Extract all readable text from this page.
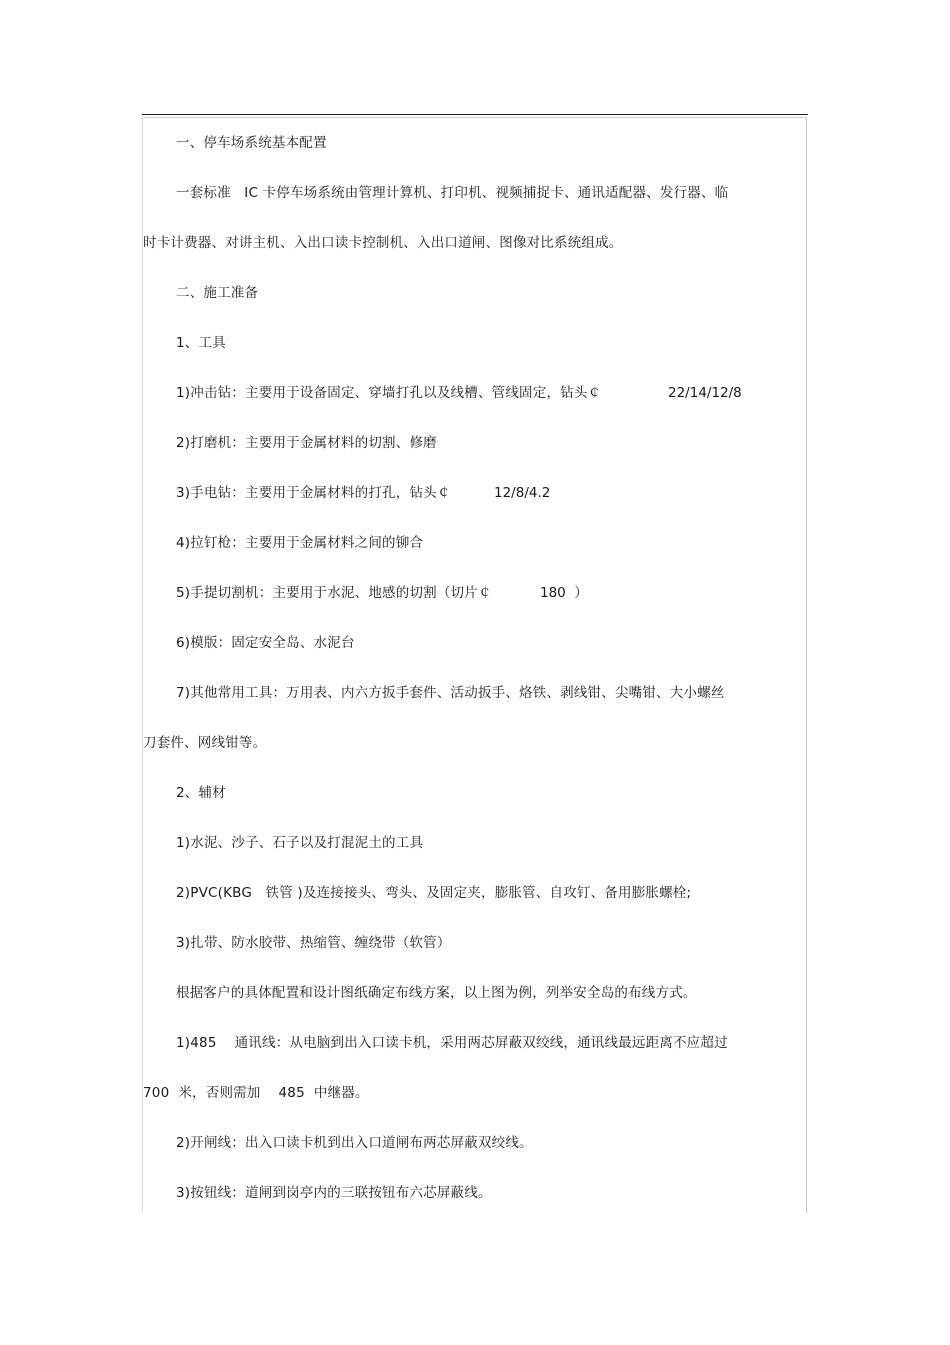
一、停车场系统基本配置
一套标准   IC 卡停车场系统由管理计算机、打印机、视频捕捉卡、通讯适配器、发行器、临
时卡计费器、对讲主机、入出口读卡控制机、入出口道闸、图像对比系统组成。
二、施工准备
1、工具
1)冲击钻：主要用于设备固定、穿墙打孔以及线槽、管线固定，钻头￠	22/14/12/8
2)打磨机：主要用于金属材料的切割、修磨
3)手电钻：主要用于金属材料的打孔，钻头￠	12/8/4.2
4)拉钉枪：主要用于金属材料之间的铆合
5)手提切割机：主要用于水泥、地感的切割（切片￠	180  ）
6)模版：固定安全岛、水泥台
7)其他常用工具：万用表、内六方扳手套件、活动扳手、烙铁、剥线钳、尖嘴钳、大小螺丝
刀套件、网线钳等。
2、辅材
1)水泥、沙子、石子以及打混泥土的工具
2)PVC(KBG   铁管 )及连接接头、弯头、及固定夹，膨胀管、自攻钉、备用膨胀螺栓;
3)扎带、防水胶带、热缩管、缠绕带（软管）
根据客户的具体配置和设计图纸确定布线方案，以上图为例，列举安全岛的布线方式。
1)485    通讯线：从电脑到出入口读卡机，采用两芯屏蔽双绞线，通讯线最远距离不应超过
700  米，否则需加    485  中继器。
2)开闸线：出入口读卡机到出入口道闸布两芯屏蔽双绞线。
3)按钮线：道闸到岗亭内的三联按钮布六芯屏蔽线。
